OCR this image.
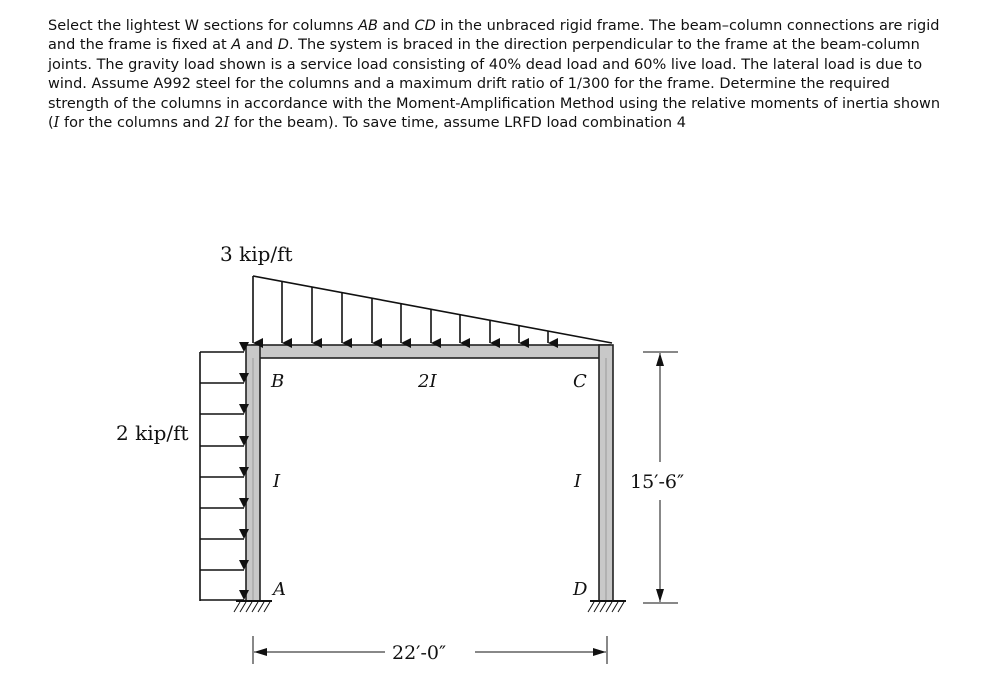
Select the lightest W sections for columns AB and CD in the unbraced rigid frame. The beam–column connections are rigid and the frame is fixed at A and D. The system is braced in the direction perpendicular to the frame at the beam-column joints. The gravity load shown is a service load consisting of 40% dead load and 60% live load. The lateral load is due to wind. Assume A992 steel for the columns and a maximum drift ratio of 1/300 for the frame. Determine the required strength of the columns in accordance with the Moment-Amplification Method using the relative moments of inertia shown (I for the columns and 2I for the beam). To save time, assume LRFD load combination 4
3 kip/ft
2 kip/ft
B	C
2I
I	I
A	D
15′-6″
22′-0″
